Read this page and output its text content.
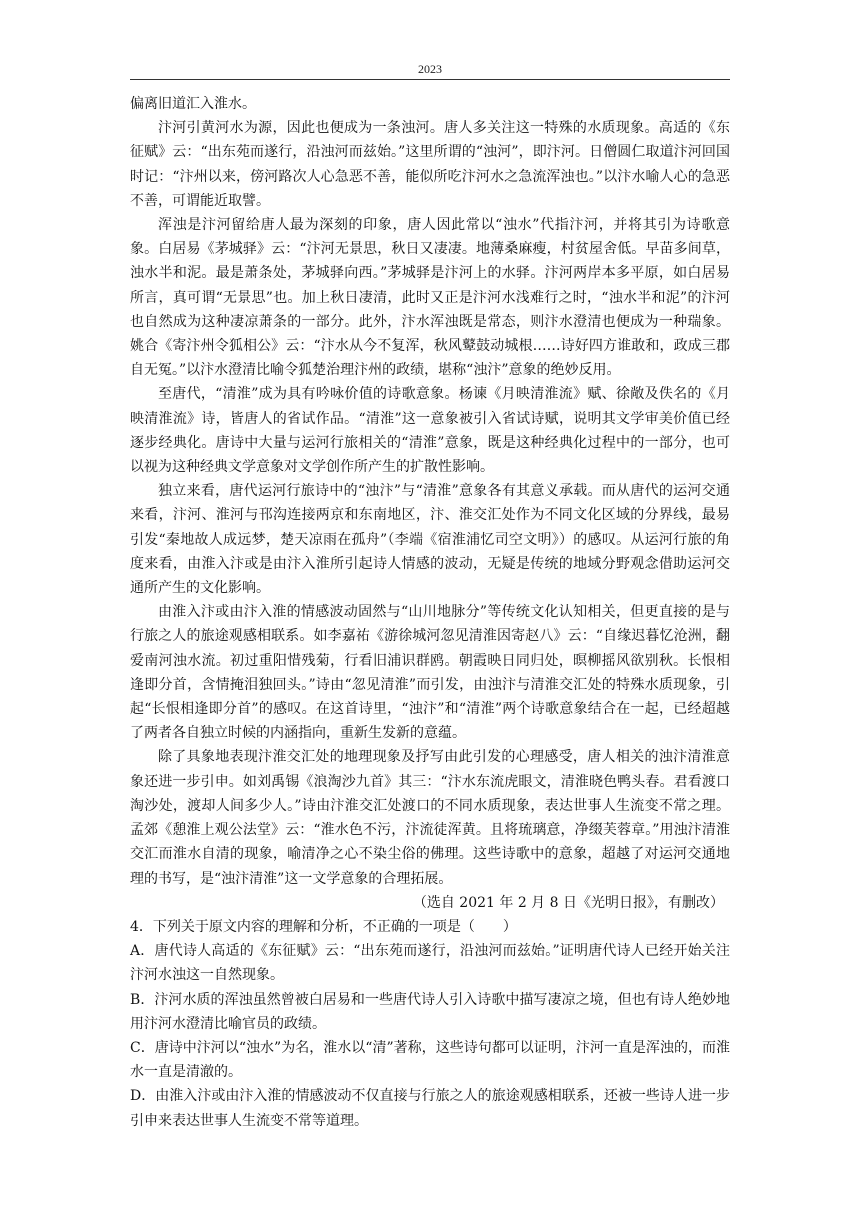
2023

偏离旧道汇入淮水。

汴河引黄河水为源，因此也便成为一条浊河。唐人多关注这一特殊的水质现象。高适的《东征赋》云：“出东苑而遂行，沿浊河而兹始。”这里所谓的“浊河”，即汴河。日僧圆仁取道汴河回国时记：“汴州以来，傍河路次人心急恶不善，能似所吃汴河水之急流浑浊也。”以汴水喻人心的急恶不善，可谓能近取譬。

浑浊是汴河留给唐人最为深刻的印象，唐人因此常以“浊水”代指汴河，并将其引为诗歌意象。白居易《茅城驿》云：“汴河无景思，秋日又凄凄。地薄桑麻瘦，村贫屋舍低。早苗多间草，浊水半和泥。最是萧条处，茅城驿向西。”茅城驿是汴河上的水驿。汴河两岸本多平原，如白居易所言，真可谓“无景思”也。加上秋日凄清，此时又正是汴河水浅难行之时，“浊水半和泥”的汴河也自然成为这种凄凉萧条的一部分。此外，汴水浑浊既是常态，则汴水澄清也便成为一种瑞象。姚合《寄汴州令狐相公》云：“汴水从今不复浑，秋风鼙鼓动城根……诗好四方谁敢和，政成三郡自无冤。”以汴水澄清比喻令狐楚治理汴州的政绩，堪称“浊汴”意象的绝妙反用。

至唐代，“清淮”成为具有吟咏价值的诗歌意象。杨谏《月映清淮流》赋、徐敞及佚名的《月映清淮流》诗，皆唐人的省试作品。“清淮”这一意象被引入省试诗赋，说明其文学审美价值已经逐步经典化。唐诗中大量与运河行旅相关的“清淮”意象，既是这种经典化过程中的一部分，也可以视为这种经典文学意象对文学创作所产生的扩散性影响。

独立来看，唐代运河行旅诗中的“浊汴”与“清淮”意象各有其意义承载。而从唐代的运河交通来看，汴河、淮河与邗沟连接两京和东南地区，汴、淮交汇处作为不同文化区域的分界线，最易引发“秦地故人成远梦，楚天凉雨在孤舟”（李端《宿淮浦忆司空文明》）的感叹。从运河行旅的角度来看，由淮入汴或是由汴入淮所引起诗人情感的波动，无疑是传统的地域分野观念借助运河交通所产生的文化影响。

由淮入汴或由汴入淮的情感波动固然与“山川地脉分”等传统文化认知相关，但更直接的是与行旅之人的旅途观感相联系。如李嘉祐《游徐城河忽见清淮因寄赵八》云：“自缘迟暮忆沧洲，翻爱南河浊水流。初过重阳惜残菊，行看旧浦识群鸥。朝霞映日同归处，暝柳摇风欲别秋。长恨相逢即分首，含情掩泪独回头。”诗由“忽见清淮”而引发，由浊汴与清淮交汇处的特殊水质现象，引起“长恨相逢即分首”的感叹。在这首诗里，“浊汴”和“清淮”两个诗歌意象结合在一起，已经超越了两者各自独立时候的内涵指向，重新生发新的意蕴。

除了具象地表现汴淮交汇处的地理现象及抒写由此引发的心理感受，唐人相关的浊汴清淮意象还进一步引申。如刘禹锡《浪淘沙九首》其三：“汴水东流虎眼文，清淮晓色鸭头春。君看渡口淘沙处，渡却人间多少人。”诗由汴淮交汇处渡口的不同水质现象，表达世事人生流变不常之理。孟郊《憩淮上观公法堂》云：“淮水色不污，汴流徒浑黄。且将琉璃意，净缀芙蓉章。”用浊汴清淮交汇而淮水自清的现象，喻清净之心不染尘俗的佛理。这些诗歌中的意象，超越了对运河交通地理的书写，是“浊汴清淮”这一文学意象的合理拓展。

（选自 2021 年 2 月 8 日《光明日报》，有删改）

4．下列关于原文内容的理解和分析，不正确的一项是（　　）

A．唐代诗人高适的《东征赋》云：“出东苑而遂行，沿浊河而兹始。”证明唐代诗人已经开始关注汴河水浊这一自然现象。

B．汴河水质的浑浊虽然曾被白居易和一些唐代诗人引入诗歌中描写凄凉之境，但也有诗人绝妙地用汴河水澄清比喻官员的政绩。

C．唐诗中汴河以“浊水”为名，淮水以“清”著称，这些诗句都可以证明，汴河一直是浑浊的，而淮水一直是清澈的。

D．由淮入汴或由汴入淮的情感波动不仅直接与行旅之人的旅途观感相联系，还被一些诗人进一步引申来表达世事人生流变不常等道理。
